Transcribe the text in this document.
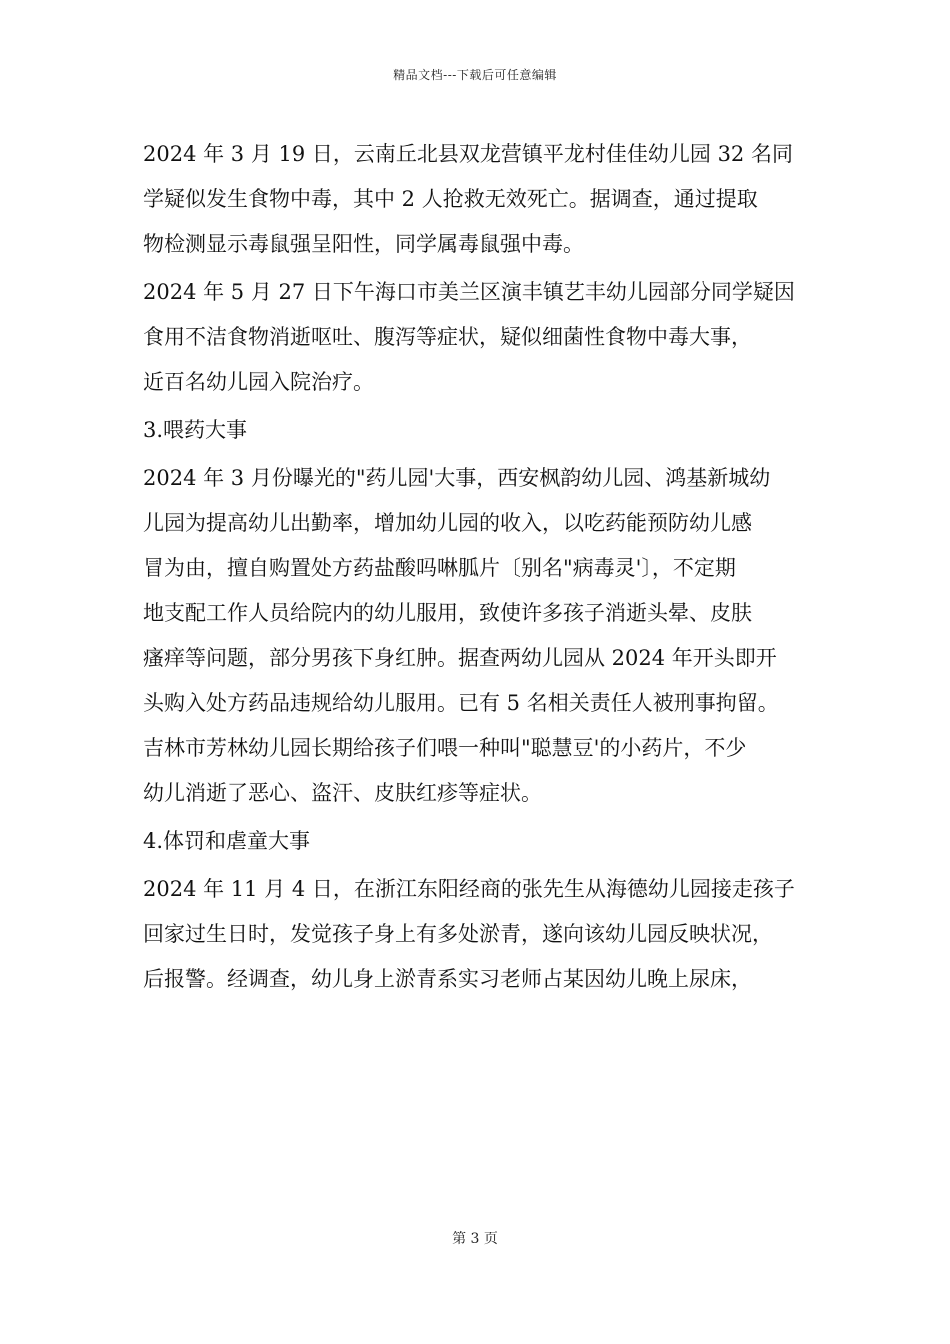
精品文档---下载后可任意编辑
2024 年 3 月 19 日，云南丘北县双龙营镇平龙村佳佳幼儿园 32 名同
学疑似发生食物中毒，其中 2 人抢救无效死亡。据调查，通过提取
物检测显示毒鼠强呈阳性，同学属毒鼠强中毒。
2024 年 5 月 27 日下午海口市美兰区演丰镇艺丰幼儿园部分同学疑因
食用不洁食物消逝呕吐、腹泻等症状，疑似细菌性食物中毒大事，
近百名幼儿园入院治疗。
3.喂药大事
2024 年 3 月份曝光的"药儿园'大事，西安枫韵幼儿园、鸿基新城幼
儿园为提高幼儿出勤率，增加幼儿园的收入，以吃药能预防幼儿感
冒为由，擅自购置处方药盐酸吗啉胍片〔别名"病毒灵'〕，不定期
地支配工作人员给院内的幼儿服用，致使许多孩子消逝头晕、皮肤
瘙痒等问题，部分男孩下身红肿。据查两幼儿园从 2024 年开头即开
头购入处方药品违规给幼儿服用。已有 5 名相关责任人被刑事拘留。
吉林市芳林幼儿园长期给孩子们喂一种叫"聪慧豆'的小药片，不少
幼儿消逝了恶心、盗汗、皮肤红疹等症状。
4.体罚和虐童大事
2024 年 11 月 4 日，在浙江东阳经商的张先生从海德幼儿园接走孩子
回家过生日时，发觉孩子身上有多处淤青，遂向该幼儿园反映状况，
后报警。经调查，幼儿身上淤青系实习老师占某因幼儿晚上尿床，
第 3 页
